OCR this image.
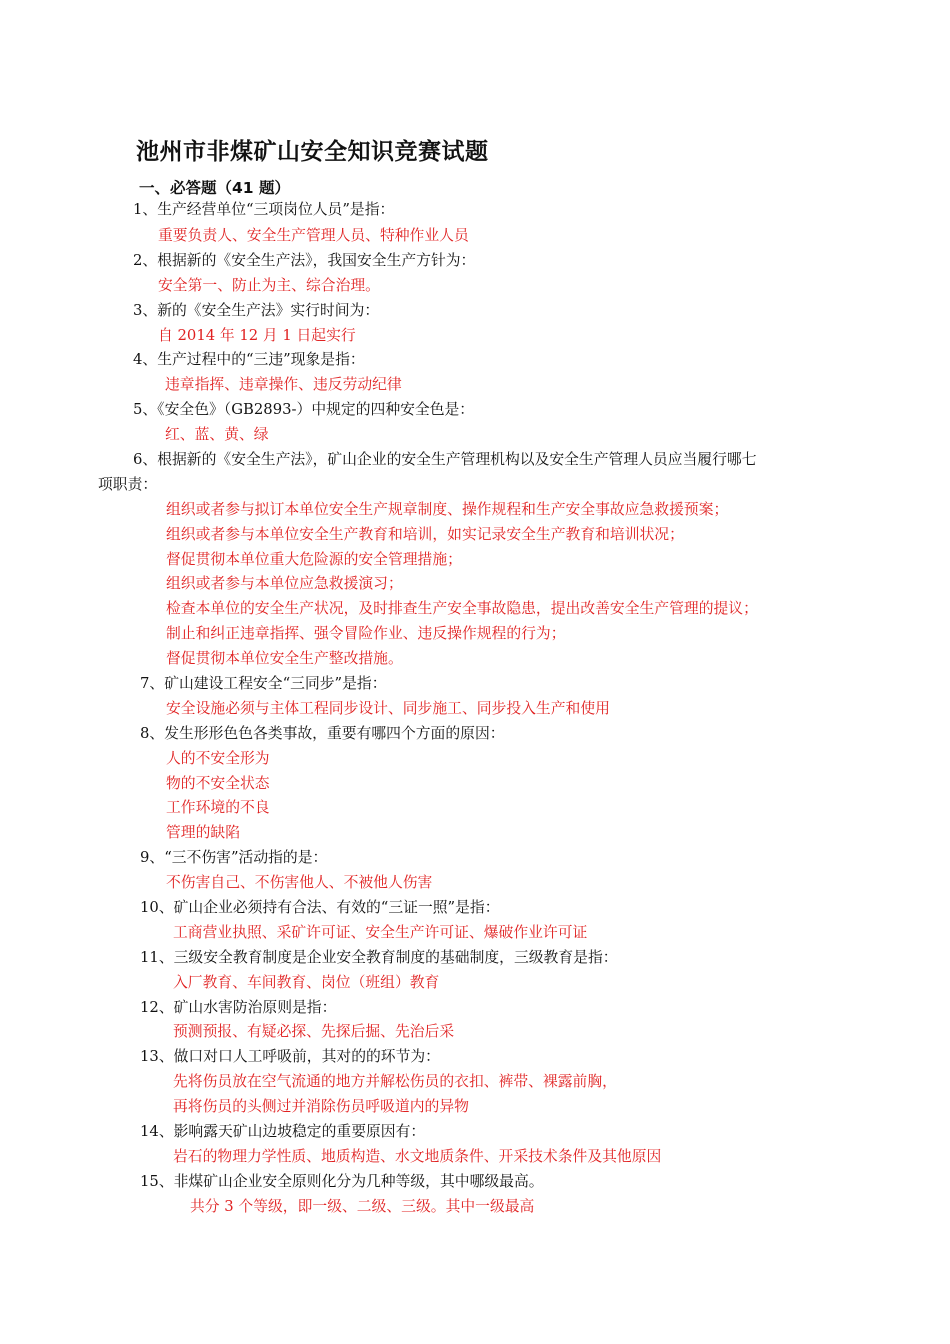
池州市非煤矿山安全知识竞赛试题
一、必答题（41 题）
1、生产经营单位“三项岗位人员”是指：
重要负责人、安全生产管理人员、特种作业人员
2、根据新的《安全生产法》，我国安全生产方针为：
安全第一、防止为主、综合治理。
3、新的《安全生产法》实行时间为：
自 2014 年 12 月 1 日起实行
4、生产过程中的“三违”现象是指：
违章指挥、违章操作、违反劳动纪律
5、《安全色》（GB2893-）中规定的四种安全色是：
红、蓝、黄、绿
6、根据新的《安全生产法》，矿山企业的安全生产管理机构以及安全生产管理人员应当履行哪七
项职责：
组织或者参与拟订本单位安全生产规章制度、操作规程和生产安全事故应急救援预案；
组织或者参与本单位安全生产教育和培训，如实记录安全生产教育和培训状况；
督促贯彻本单位重大危险源的安全管理措施；
组织或者参与本单位应急救援演习；
检查本单位的安全生产状况，及时排查生产安全事故隐患，提出改善安全生产管理的提议；
制止和纠正违章指挥、强令冒险作业、违反操作规程的行为；
督促贯彻本单位安全生产整改措施。
7、矿山建设工程安全“三同步”是指：
安全设施必须与主体工程同步设计、同步施工、同步投入生产和使用
8、发生形形色色各类事故，重要有哪四个方面的原因：
人的不安全形为
物的不安全状态
工作环境的不良
管理的缺陷
9、“三不伤害”活动指的是：
不伤害自己、不伤害他人、不被他人伤害
10、矿山企业必须持有合法、有效的“三证一照”是指：
工商营业执照、采矿许可证、安全生产许可证、爆破作业许可证
11、三级安全教育制度是企业安全教育制度的基础制度，三级教育是指：
入厂教育、车间教育、岗位（班组）教育
12、矿山水害防治原则是指：
预测预报、有疑必探、先探后掘、先治后采
13、做口对口人工呼吸前，其对的的环节为：
先将伤员放在空气流通的地方并解松伤员的衣扣、裤带、裸露前胸，
再将伤员的头侧过并消除伤员呼吸道内的异物
14、影响露天矿山边坡稳定的重要原因有：
岩石的物理力学性质、地质构造、水文地质条件、开采技术条件及其他原因
15、非煤矿山企业安全原则化分为几种等级，其中哪级最高。
共分 3 个等级，即一级、二级、三级。其中一级最高
